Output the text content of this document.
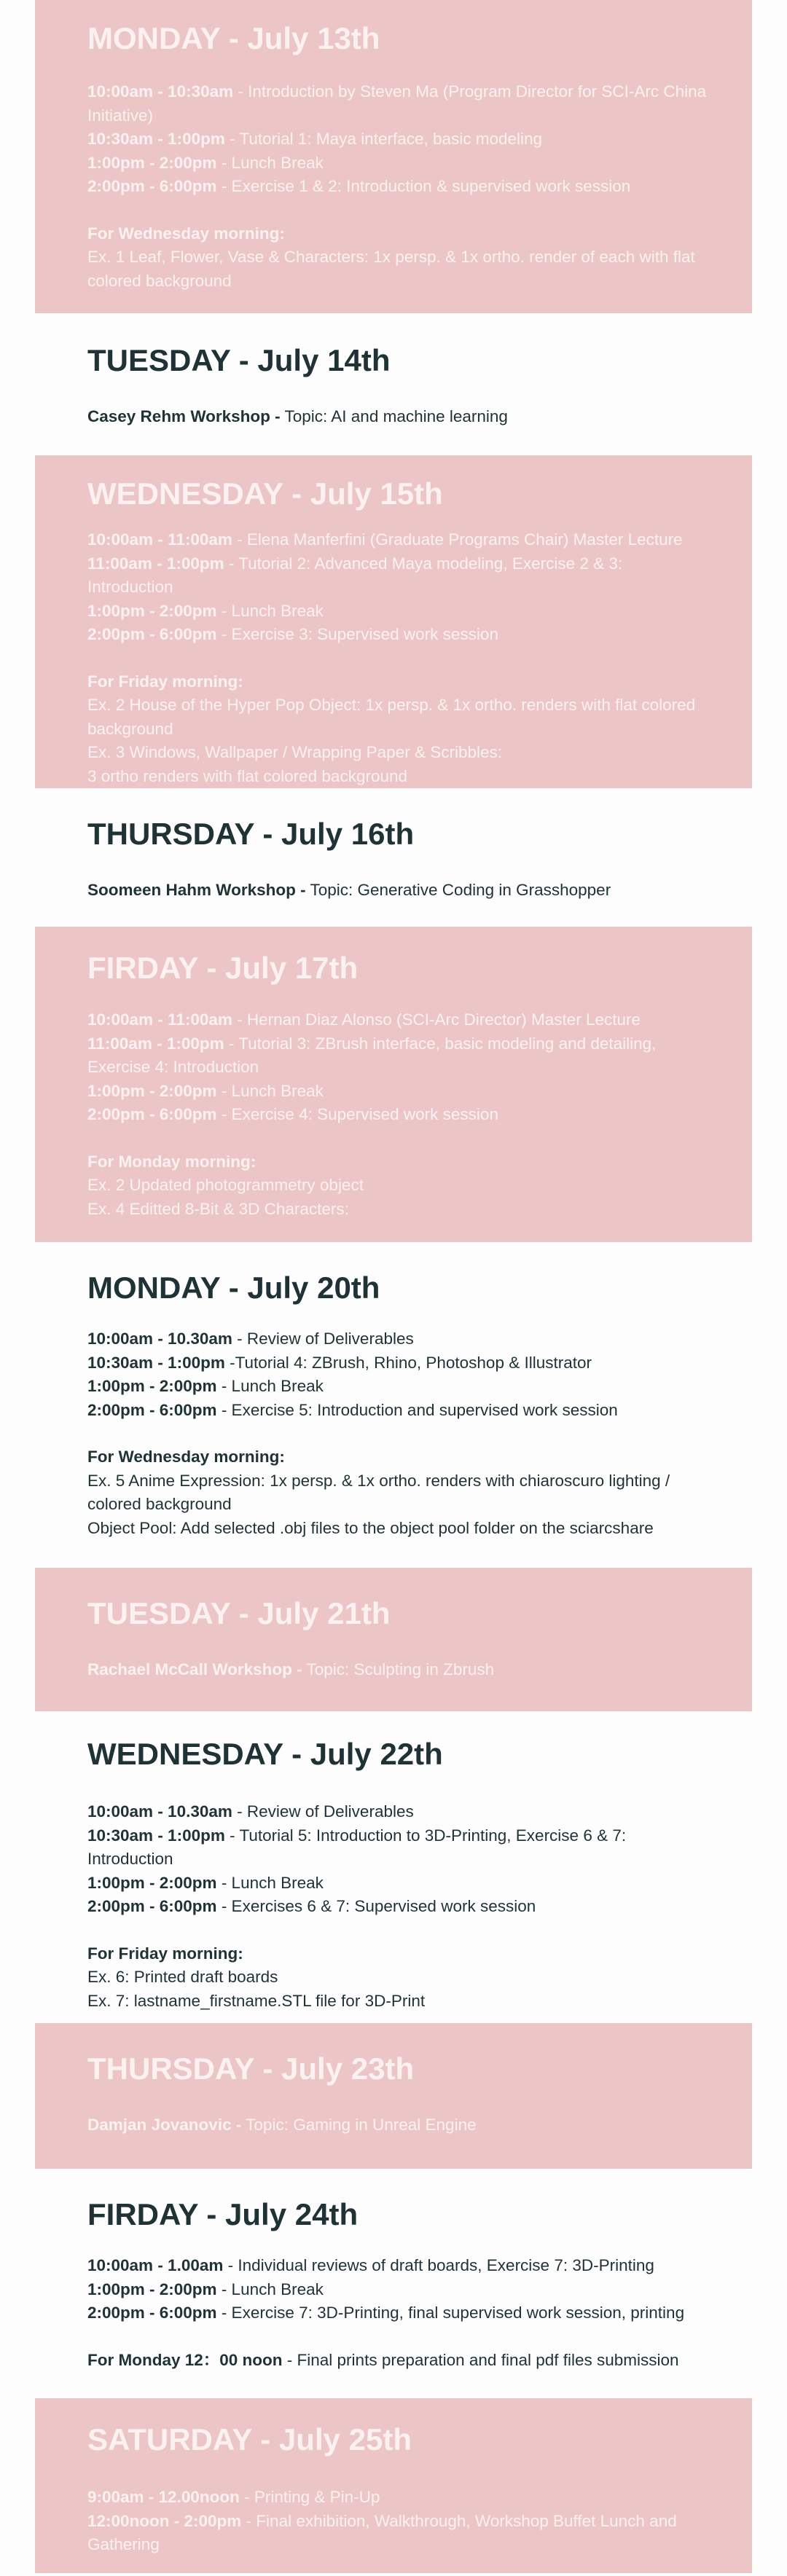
MONDAY - July 13th

10:00am - 10:30am - Introduction by Steven Ma (Program Director for SCI-Arc China Initiative)

10:30am - 1:00pm - Tutorial 1: Maya interface, basic modeling

1:00pm - 2:00pm - Lunch Break

2:00pm - 6:00pm - Exercise 1 & 2: Introduction & supervised work session

For Wednesday morning:

Ex. 1 Leaf, Flower, Vase & Characters: 1x persp. & 1x ortho. render of each with flat colored background

TUESDAY - July 14th

Casey Rehm Workshop - Topic: AI and machine learning

WEDNESDAY - July 15th

10:00am - 11:00am - Elena Manferfini (Graduate Programs Chair) Master Lecture

11:00am - 1:00pm - Tutorial 2: Advanced Maya modeling, Exercise 2 & 3: Introduction

1:00pm - 2:00pm - Lunch Break

2:00pm - 6:00pm - Exercise 3: Supervised work session

For Friday morning:

Ex. 2 House of the Hyper Pop Object: 1x persp. & 1x ortho. renders with flat colored background

Ex. 3 Windows, Wallpaper / Wrapping Paper & Scribbles:

3 ortho renders with flat colored background

THURSDAY - July 16th

Soomeen Hahm Workshop - Topic: Generative Coding in Grasshopper

FIRDAY - July 17th

10:00am - 11:00am - Hernan Diaz Alonso (SCI-Arc Director) Master Lecture

11:00am - 1:00pm - Tutorial 3: ZBrush interface, basic modeling and detailing, Exercise 4: Introduction

1:00pm - 2:00pm - Lunch Break

2:00pm - 6:00pm - Exercise 4: Supervised work session

For Monday morning:

Ex. 2 Updated photogrammetry object

Ex. 4 Editted 8-Bit & 3D Characters:

MONDAY - July 20th

10:00am - 10.30am - Review of Deliverables

10:30am - 1:00pm -Tutorial 4: ZBrush, Rhino, Photoshop & Illustrator

1:00pm - 2:00pm - Lunch Break

2:00pm - 6:00pm - Exercise 5: Introduction and supervised work session

For Wednesday morning:

Ex. 5 Anime Expression: 1x persp. & 1x ortho. renders with chiaroscuro lighting / colored background

Object Pool: Add selected .obj files to the object pool folder on the sciarcshare

TUESDAY - July 21th

Rachael McCall Workshop - Topic: Sculpting in Zbrush

WEDNESDAY - July 22th

10:00am - 10.30am - Review of Deliverables

10:30am - 1:00pm - Tutorial 5: Introduction to 3D-Printing, Exercise 6 & 7: Introduction

1:00pm - 2:00pm - Lunch Break

2:00pm - 6:00pm - Exercises 6 & 7: Supervised work session

For Friday morning:

Ex. 6: Printed draft boards

Ex. 7: lastname_firstname.STL file for 3D-Print

THURSDAY - July 23th

Damjan Jovanovic - Topic: Gaming in Unreal Engine

FIRDAY - July 24th

10:00am - 1.00am - Individual reviews of draft boards, Exercise 7: 3D-Printing

1:00pm - 2:00pm - Lunch Break

2:00pm - 6:00pm - Exercise 7: 3D-Printing, final supervised work session, printing

For Monday 12：00 noon - Final prints preparation and final pdf files submission

SATURDAY - July 25th

9:00am - 12.00noon - Printing & Pin-Up

12:00noon - 2:00pm - Final exhibition, Walkthrough, Workshop Buffet Lunch and Gathering
